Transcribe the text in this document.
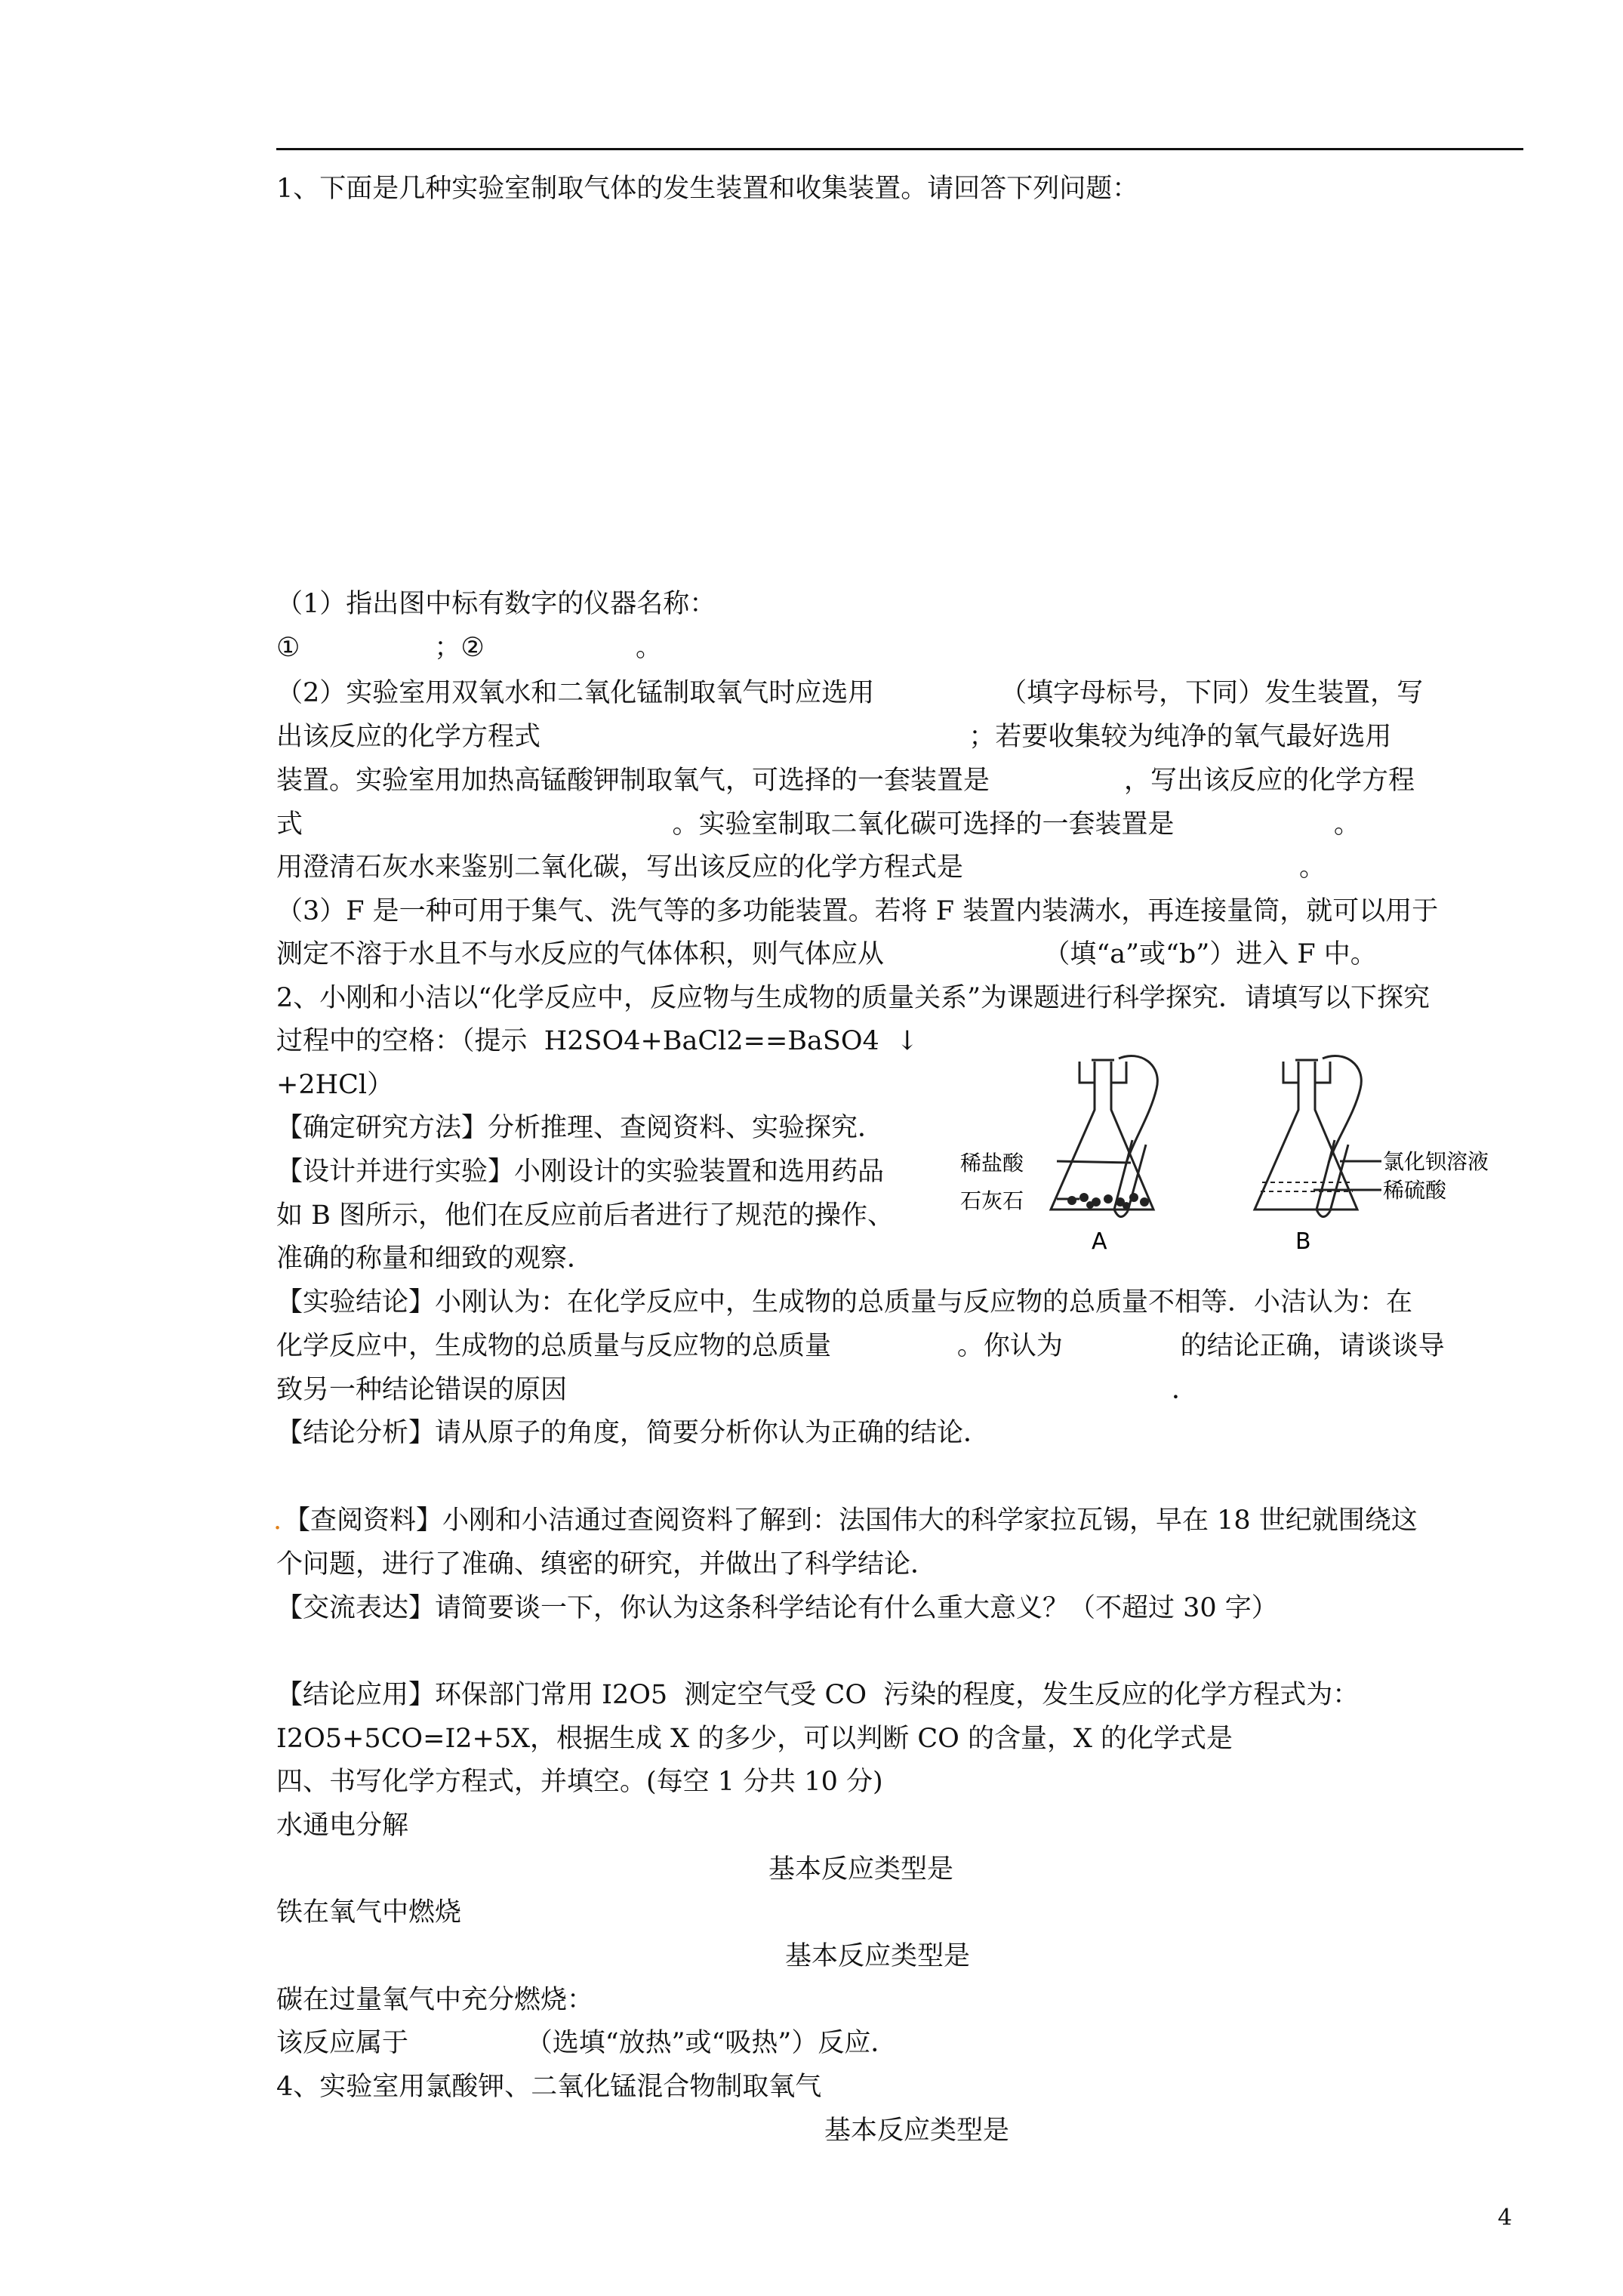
1、下面是几种实验室制取气体的发生装置和收集装置。请回答下列问题：
（1）指出图中标有数字的仪器名称：
①                ；②                  。
（2）实验室用双氧水和二氧化锰制取氧气时应选用               （填字母标号，下同）发生装置，写
出该反应的化学方程式                                                   ；若要收集较为纯净的氧气最好选用
装置。实验室用加热高锰酸钾制取氧气，可选择的一套装置是                ，写出该反应的化学方程
式                                            。实验室制取二氧化碳可选择的一套装置是                   。
用澄清石灰水来鉴别二氧化碳，写出该反应的化学方程式是                                        。
（3）F 是一种可用于集气、洗气等的多功能装置。若将 F 装置内装满水，再连接量筒，就可以用于
测定不溶于水且不与水反应的气体体积，则气体应从                   （填“a”或“b”）进入 F 中。
2、小刚和小洁以“化学反应中，反应物与生成物的质量关系”为课题进行科学探究．请填写以下探究
过程中的空格：（提示  H2SO4+BaCl2==BaSO4  ↓
+2HCl）
【确定研究方法】分析推理、查阅资料、实验探究．
【设计并进行实验】小刚设计的实验装置和选用药品
如 B 图所示，他们在反应前后者进行了规范的操作、
准确的称量和细致的观察．
【实验结论】小刚认为：在化学反应中，生成物的总质量与反应物的总质量不相等．小洁认为：在
化学反应中，生成物的总质量与反应物的总质量               。你认为              的结论正确，请谈谈导
致另一种结论错误的原因                                                                        ．
【结论分析】请从原子的角度，简要分析你认为正确的结论．
. 【查阅资料】小刚和小洁通过查阅资料了解到：法国伟大的科学家拉瓦锡，早在 18 世纪就围绕这
个问题，进行了准确、缜密的研究，并做出了科学结论．
【交流表达】请简要谈一下，你认为这条科学结论有什么重大意义？（不超过 30 字）
【结论应用】环保部门常用 I2O5  测定空气受 CO  污染的程度，发生反应的化学方程式为：
I2O5+5CO=I2+5X，根据生成 X 的多少，可以判断 CO 的含量，X 的化学式是
四、书写化学方程式，并填空。(每空 1 分共 10 分)
水通电分解
基本反应类型是
铁在氧气中燃烧
基本反应类型是
碳在过量氧气中充分燃烧：
该反应属于              （选填“放热”或“吸热”）反应．
4、实验室用氯酸钾、二氧化锰混合物制取氧气
基本反应类型是
稀盐酸
石灰石
氯化钡溶液
稀硫酸
A	B
4
